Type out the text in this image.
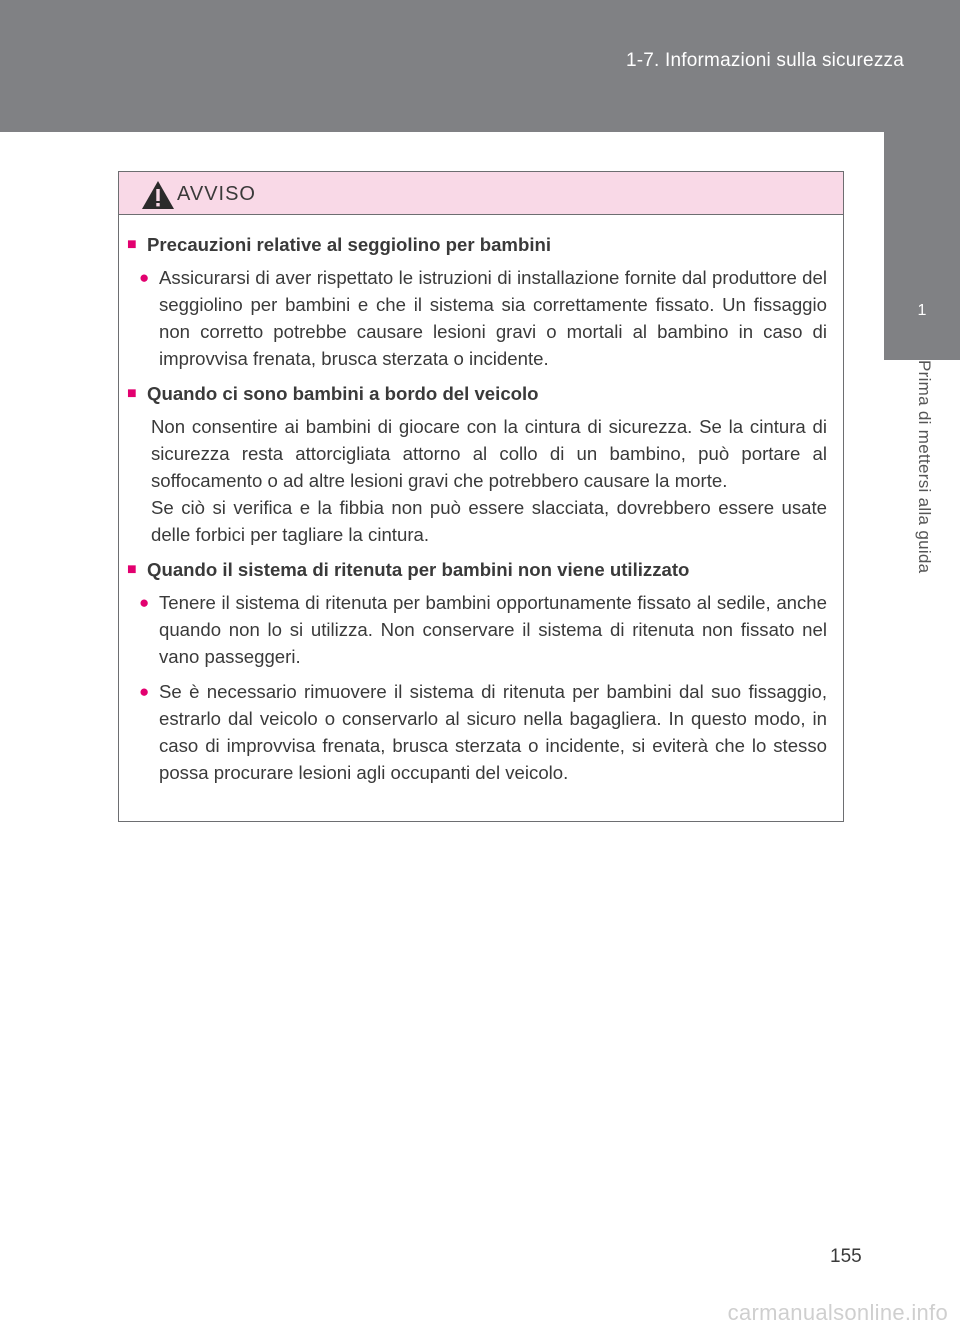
1-7. Informazioni sulla sicurezza
1
Prima di mettersi alla guida
AVVISO
■ Precauzioni relative al seggiolino per bambini
● Assicurarsi di aver rispettato le istruzioni di installazione fornite dal produttore del seggiolino per bambini e che il sistema sia correttamente fissato. Un fissaggio non corretto potrebbe causare lesioni gravi o mortali al bambino in caso di improvvisa frenata, brusca sterzata o incidente.
■ Quando ci sono bambini a bordo del veicolo
Non consentire ai bambini di giocare con la cintura di sicurezza. Se la cintura di sicurezza resta attorcigliata attorno al collo di un bambino, può portare al soffocamento o ad altre lesioni gravi che potrebbero causare la morte.
Se ciò si verifica e la fibbia non può essere slacciata, dovrebbero essere usate delle forbici per tagliare la cintura.
■ Quando il sistema di ritenuta per bambini non viene utilizzato
● Tenere il sistema di ritenuta per bambini opportunamente fissato al sedile, anche quando non lo si utilizza. Non conservare il sistema di ritenuta non fissato nel vano passeggeri.
● Se è necessario rimuovere il sistema di ritenuta per bambini dal suo fissaggio, estrarlo dal veicolo o conservarlo al sicuro nella bagagliera. In questo modo, in caso di improvvisa frenata, brusca sterzata o incidente, si eviterà che lo stesso possa procurare lesioni agli occupanti del veicolo.
155
carmanualsonline.info
